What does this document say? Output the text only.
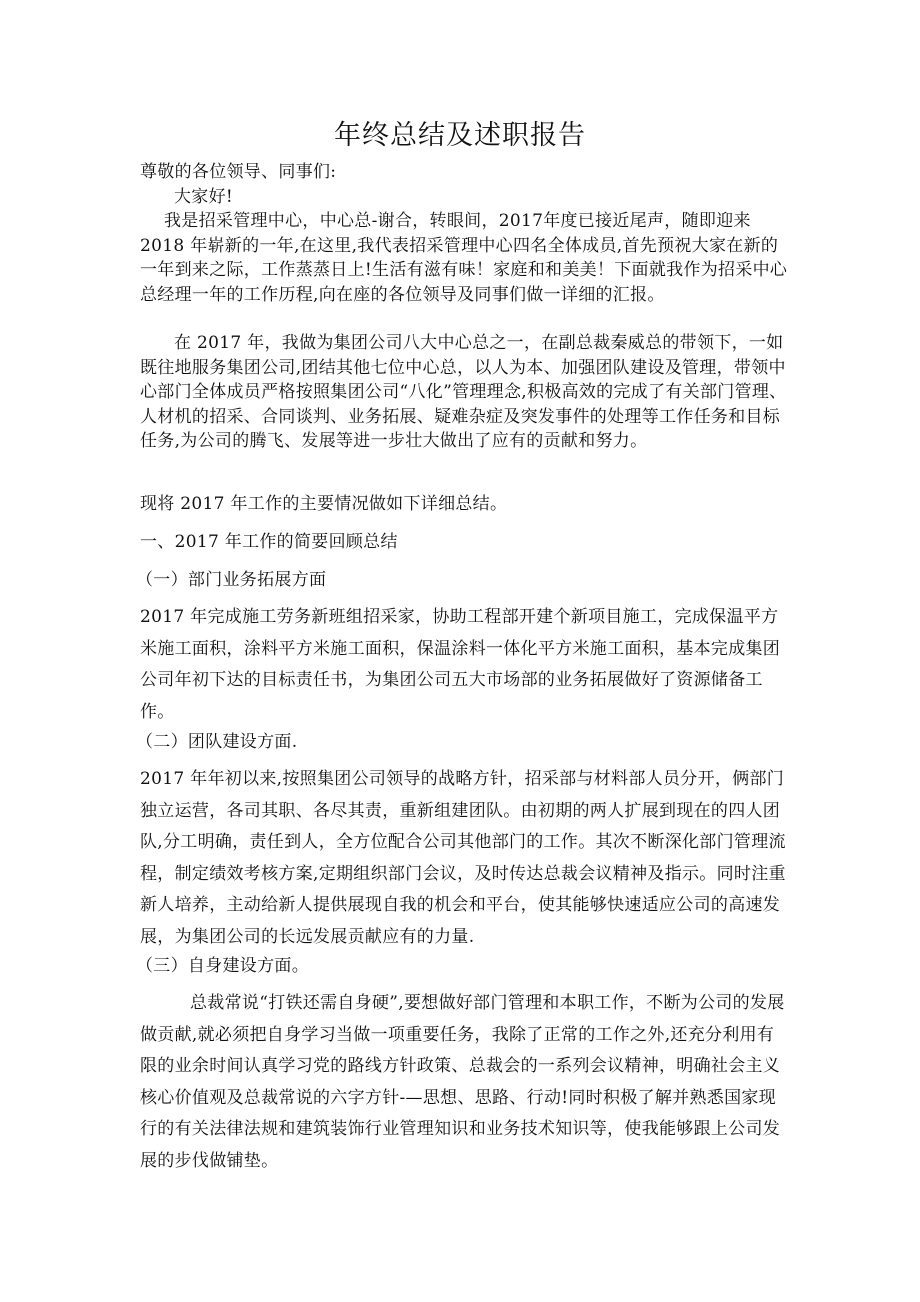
年终总结及述职报告
尊敬的各位领导、同事们:
大家好!
我是招采管理中心，中心总-谢合，转眼间，2017年度已接近尾声，随即迎来 2018 年崭新的一年,在这里,我代表招采管理中心四名全体成员,首先预祝大家在新的一年到来之际，工作蒸蒸日上!生活有滋有味！家庭和和美美！下面就我作为招采中心总经理一年的工作历程,向在座的各位领导及同事们做一详细的汇报。
在 2017 年，我做为集团公司八大中心总之一，在副总裁秦威总的带领下，一如既往地服务集团公司,团结其他七位中心总，以人为本、加强团队建设及管理，带领中心部门全体成员严格按照集团公司“八化”管理理念,积极高效的完成了有关部门管理、人材机的招采、合同谈判、业务拓展、疑难杂症及突发事件的处理等工作任务和目标任务,为公司的腾飞、发展等进一步壮大做出了应有的贡献和努力。
现将 2017 年工作的主要情况做如下详细总结。
一、2017 年工作的简要回顾总结
（一）部门业务拓展方面
2017 年完成施工劳务新班组招采家，协助工程部开建个新项目施工，完成保温平方米施工面积，涂料平方米施工面积，保温涂料一体化平方米施工面积，基本完成集团公司年初下达的目标责任书，为集团公司五大市场部的业务拓展做好了资源储备工作。
（二）团队建设方面.
2017 年年初以来,按照集团公司领导的战略方针，招采部与材料部人员分开，俩部门独立运营，各司其职、各尽其责，重新组建团队。由初期的两人扩展到现在的四人团队,分工明确，责任到人，全方位配合公司其他部门的工作。其次不断深化部门管理流程，制定绩效考核方案,定期组织部门会议，及时传达总裁会议精神及指示。同时注重新人培养，主动给新人提供展现自我的机会和平台，使其能够快速适应公司的高速发展，为集团公司的长远发展贡献应有的力量.
（三）自身建设方面。
总裁常说“打铁还需自身硬”,要想做好部门管理和本职工作，不断为公司的发展做贡献,就必须把自身学习当做一项重要任务，我除了正常的工作之外,还充分利用有限的业余时间认真学习党的路线方针政策、总裁会的一系列会议精神，明确社会主义核心价值观及总裁常说的六字方针-—思想、思路、行动!同时积极了解并熟悉国家现行的有关法律法规和建筑装饰行业管理知识和业务技术知识等，使我能够跟上公司发展的步伐做铺垫。
